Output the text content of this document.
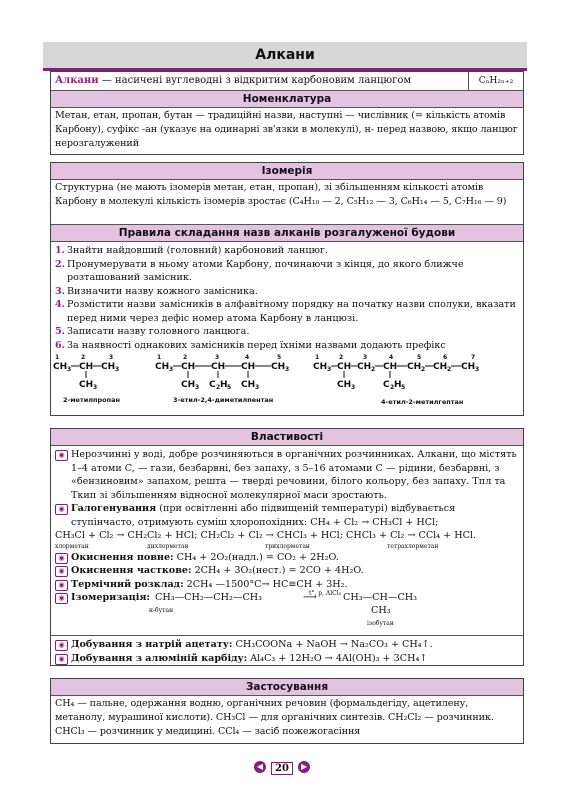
Алкани
Алкани — насичені вуглеводні з відкритим карбоновим ланцюгом	CₙH₂ₙ₊₂
Номенклатура
Метан, етан, пропан, бутан — традиційні назви, наступні — числівник (= кількість атомів Карбону), суфікс -ан (указує на одинарні зв'язки в молекулі), н- перед назвою, якщо ланцюг нерозгалужений
Ізомерія
Структурна (не мають ізомерів метан, етан, пропан), зі збільшенням кількості атомів Карбону в молекулі кількість ізомерів зростає (C₄H₁₀ — 2, C₅H₁₂ — 3, C₆H₁₄ — 5, C₇H₁₆ — 9)
Правила складання назв алканів розгалуженої будови
1. Знайти найдовший (головний) карбоновий ланцюг.
2. Пронумерувати в ньому атоми Карбону, починаючи з кінця, до якого ближче розташований замісник.
3. Визначити назву кожного замісника.
4. Розмістити назви замісників в алфавітному порядку на початку назви сполуки, вказати перед ними через дефіс номер атома Карбону в ланцюзі.
5. Записати назву головного ланцюга.
6. За наявності однакових замісників перед їхніми назвами додають префікс
1	2	3
CH 3 CH CH 3
CH 3
2-метилпропан
1	2	3	4	5
CH 3 CH CH CH CH 3
CH 3 C 2 H 5 CH 3
3-етил-2,4-диметилпентан
1	2	3	4	5	6	7
CH 3 CH CH 2 CH CH 2 CH 2 CH 3
CH 3	C 2 H 5
4-етил-2-метилгептан
Властивості
◉ Нерозчинні у воді, добре розчиняються в органічних розчинниках. Алкани, що містять 1–4 атоми C, — гази, безбарвні, без запаху, з 5–16 атомами C — рідини, безбарвні, з «бензиновим» запахом, решта — тверді речовини, білого кольору, без запаху. Tпл та Tкип зі збільшенням відносної молекулярної маси зростають.
◉ Галогенування (при освітленні або підвищеній температурі) відбувається ступінчасто, отримують суміш хлоропохідних: CH₄ + Cl₂ → CH₃Cl + HCl;
CH₃Cl + Cl₂ → CH₂Cl₂ + HCl; CH₂Cl₂ + Cl₂ → CHCl₃ + HCl; CHCl₃ + Cl₂ → CCl₄ + HCl.
хлорметан	дихлорметан	трихлорметан	тетрахлорметан
◉ Окиснення повне: CH₄ + 2O₂(надл.) = CO₂ + 2H₂O.
◉ Окиснення часткове: 2CH₄ + 3O₂(нест.) = 2CO + 4H₂O.
◉ Термічний розклад: 2CH₄ —1500°C→ HC≡CH + 3H₂.
◉ Ізомеризація: CH₃—CH₂—CH₂—CH₃
н-бутан
t°, p, AlCl₃
⟶	CH₃—CH—CH₃
CH₃
ізобутан
◉ Добування з натрій ацетату: CH₃COONa + NaOH → Na₂CO₃ + CH₄↑.
◉ Добування з алюміній карбіду: Al₄C₃ + 12H₂O → 4Al(OH)₃ + 3CH₄↑
Застосування
CH₄ — пальне, одержання водню, органічних речовин (формальдегіду, ацетилену, метанолу, мурашиної кислоти). CH₃Cl — для органічних синтезів. CH₂Cl₂ — розчинник. CHCl₃ — розчинник у медицині. CCl₄ — засіб пожежогасіння
◀ 20 ▶
